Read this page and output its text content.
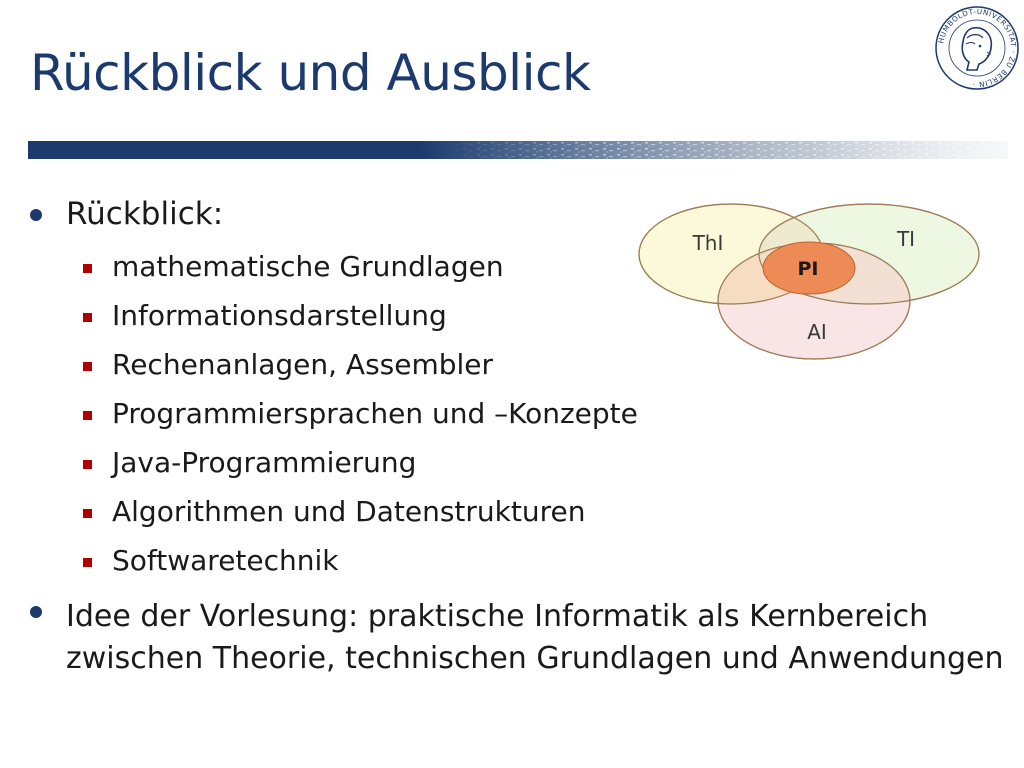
Rückblick und Ausblick
HUMBOLDT-UNIVERSITÄT · ZU BERLIN ·
ThI	TI
AI
PI
Rückblick:
mathematische Grundlagen
Informationsdarstellung
Rechenanlagen, Assembler
Programmiersprachen und –Konzepte
Java-Programmierung
Algorithmen und Datenstrukturen
Softwaretechnik
Idee der Vorlesung: praktische Informatik als Kernbereich
zwischen Theorie, technischen Grundlagen und Anwendungen
